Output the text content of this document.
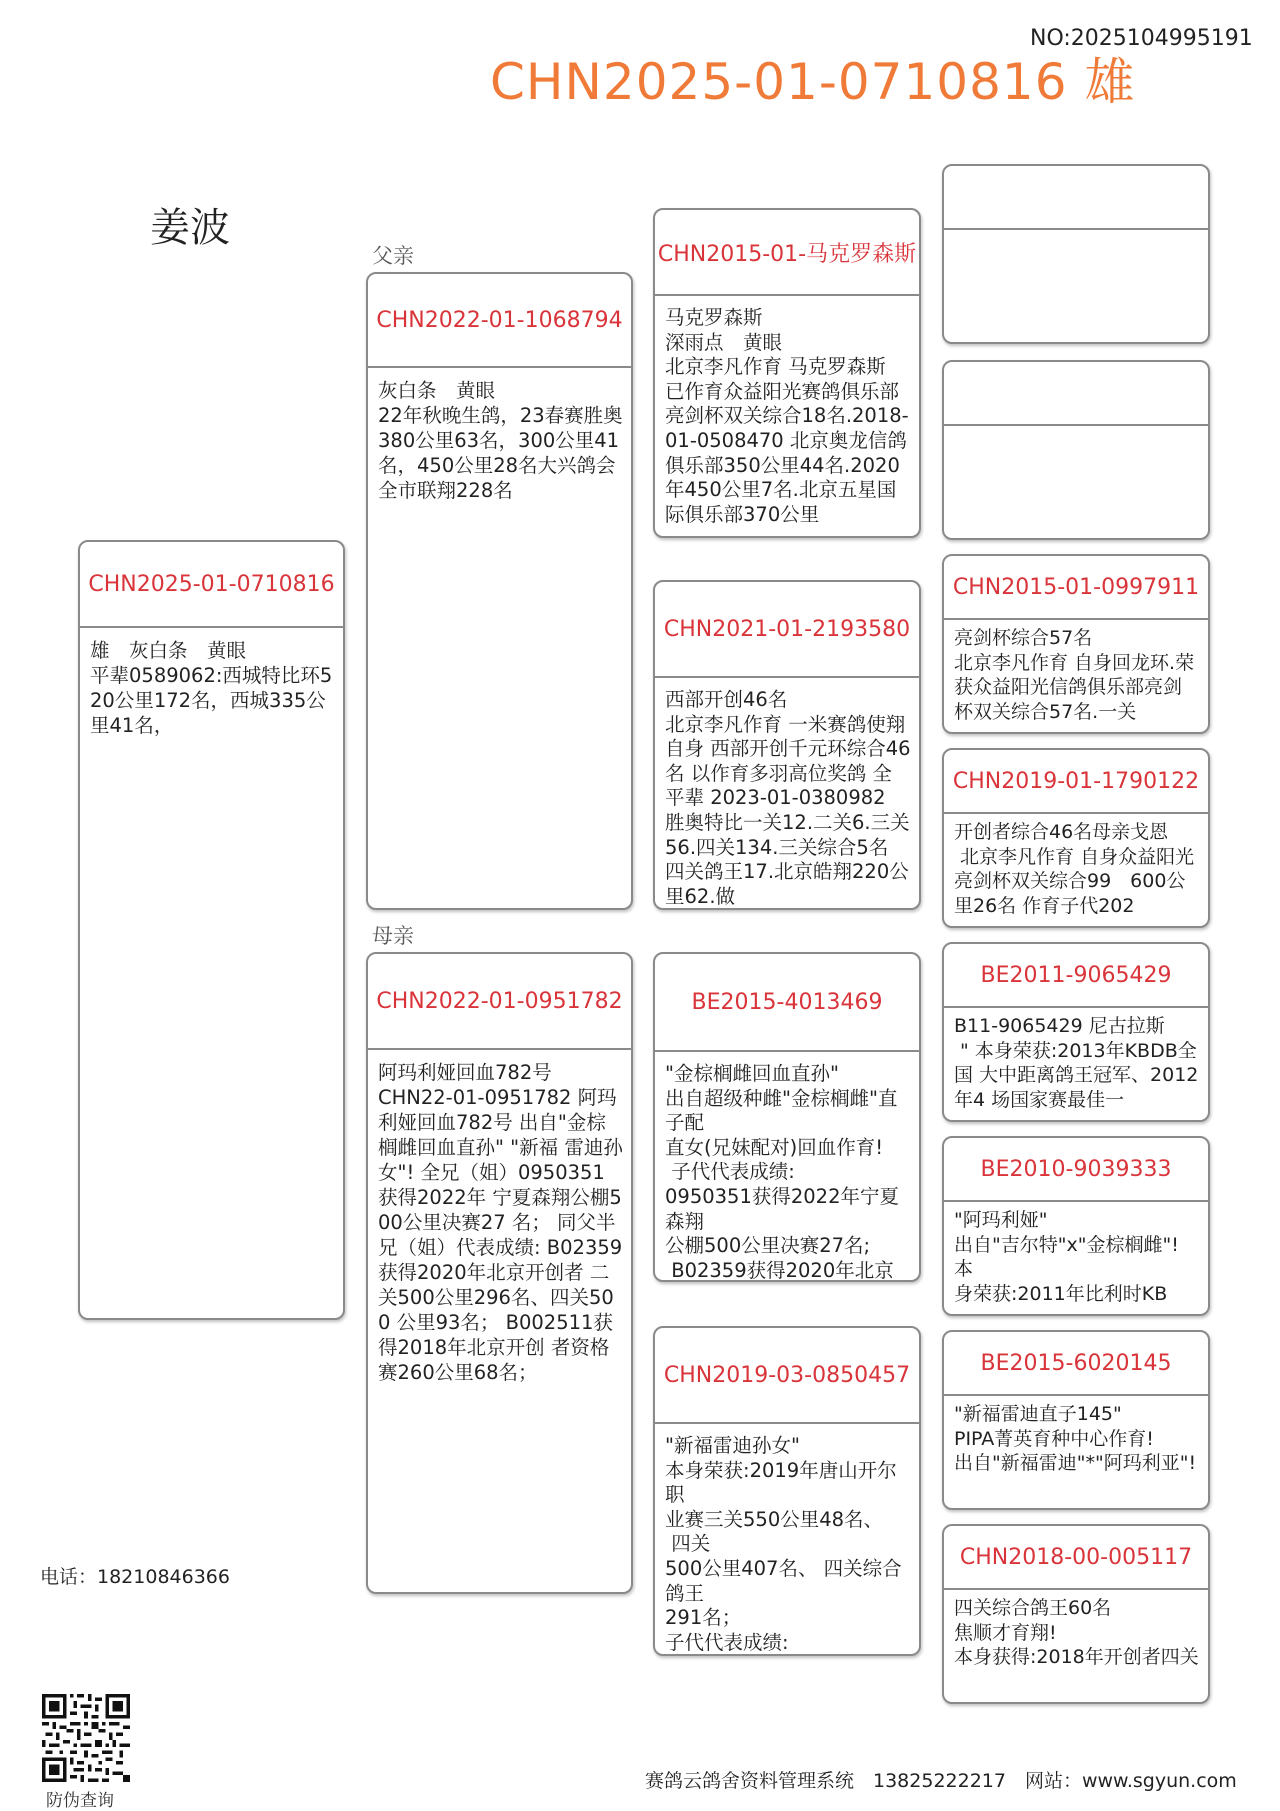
NO:2025104995191
CHN2025-01-0710816 雄
姜波
父亲
母亲
CHN2025-01-0710816
雄　灰白条　黄眼
平辈0589062:西城特比环520公里172名，西城335公里41名，
CHN2022-01-1068794
灰白条　黄眼
22年秋晚生鸽，23春赛胜奥380公里63名，300公里41名，450公里28名大兴鸽会全市联翔228名
CHN2022-01-0951782
阿玛利娅回血782号
CHN22-01-0951782 阿玛利娅回血782号 出自"金棕 榈雌回血直孙" "新福 雷迪孙女"! 全兄（姐）0950351获得2022年 宁夏森翔公棚500公里决赛27 名； 同父半兄（姐）代表成绩: B02359获得2020年北京开创者 二关500公里296名、四关500 公里93名； B002511获得2018年北京开创 者资格赛260公里68名；
CHN2015-01-马克罗森斯
马克罗森斯
深雨点　黄眼
北京李凡作育 马克罗森斯 已作育众益阳光赛鸽俱乐部亮剑杯双关综合18名.2018-01-0508470 北京奥龙信鸽俱乐部350公里44名.2020年450公里7名.北京五星国际俱乐部370公里
CHN2021-01-2193580
西部开创46名
北京李凡作育 一米赛鸽使翔 自身 西部开创千元环综合46名 以作育多羽高位奖鸽 全平辈 2023-01-0380982 胜奥特比一关12.二关6.三关56.四关134.三关综合5名 四关鸽王17.北京皓翔220公里62.做
BE2015-4013469
"金棕榈雌回血直孙"
出自超级种雌"金棕榈雌"直子配
直女(兄妹配对)回血作育!
子代代表成绩:
0950351获得2022年宁夏森翔
公棚500公里决赛27名;
B02359获得2020年北京
CHN2019-03-0850457
"新福雷迪孙女"
本身荣获:2019年唐山开尔职
业赛三关550公里48名、
四关
500公里407名、 四关综合鸽王
291名；
子代代表成绩:
CHN2015-01-0997911
亮剑杯综合57名
北京李凡作育 自身回龙环.荣获众益阳光信鸽俱乐部亮剑杯双关综合57名.一关
CHN2019-01-1790122
开创者综合46名母亲戈恩
北京李凡作育 自身众益阳光亮剑杯双关综合99　600公里26名 作育子代202
BE2011-9065429
B11-9065429 尼古拉斯
" 本身荣获:2013年KBDB全国 大中距离鸽王冠军、2012年4 场国家赛最佳一
BE2010-9039333
"阿玛利娅"
出自"吉尔特"x"金棕榈雌"! 本
身荣获:2011年比利时KB
BE2015-6020145
"新福雷迪直子145"
PIPA菁英育种中心作育!
出自"新福雷迪"*"阿玛利亚"!
CHN2018-00-005117
四关综合鸽王60名
焦顺才育翔!
本身获得:2018年开创者四关
电话：18210846366
防伪查询
赛鸽云鸽舍资料管理系统　13825222217　网站：www.sgyun.com
